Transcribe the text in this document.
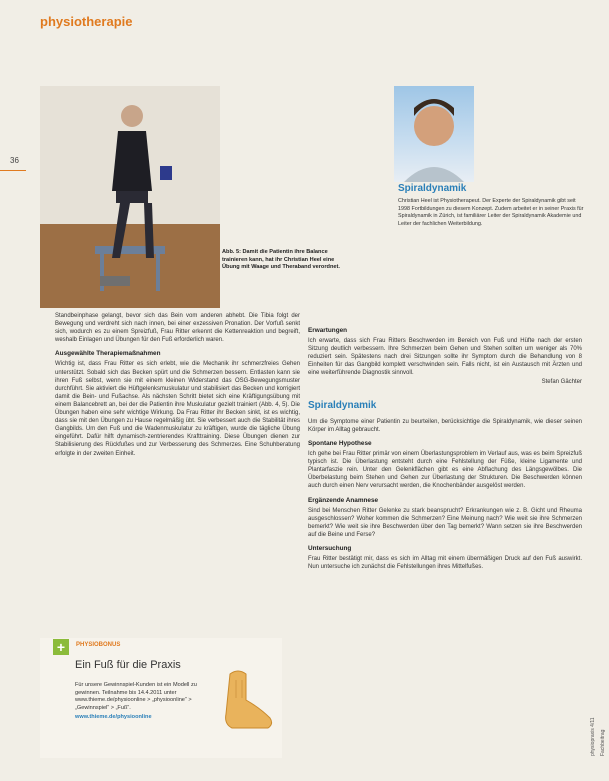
physiotherapie
36
Abb. 5: Damit die Patientin ihre Balance trainieren kann, hat ihr Christian Heel eine Übung mit Waage und Theraband verordnet.
Spiraldynamik

Christian Heel ist Physiotherapeut. Der Experte der Spiraldynamik gibt seit 1998 Fortbildungen zu diesem Konzept. Zudem arbeitet er in seiner Praxis für Spiraldynamik in Zürich, ist familiärer Leiter der Spiraldynamik Akademie und Leiter der fachlichen Weiterbildung.

Standbeinphase gelangt, bevor sich das Bein vom anderen abhebt. Die Tibia folgt der Bewegung und verdreht sich nach innen, bei einer exzessiven Pronation. Der Vorfuß senkt sich, wodurch es zu einem Spreizfuß, Frau Ritter erkennt die Kettenreaktion und begreift, weshalb Einlagen und Übungen für den Fuß erforderlich waren.

Ausgewählte Therapiemaßnahmen

Wichtig ist, dass Frau Ritter es sich erlebt, wie die Mechanik ihr schmerzfreies Gehen unterstützt. Sobald sich das Becken spürt und die Schmerzen bessern. Entlasten kann sie ihren Fuß selbst, wenn sie mit einem kleinen Widerstand das OSG-Bewegungsmuster durchführt. Sie aktiviert die Hüftgelenksmuskulatur und stabilisiert das Becken und korrigiert damit die Bein- und Fußachse. Als nächsten Schritt bietet sich eine Kräftigungsübung mit einem Balancebrett an, bei der die Patientin ihre Muskulatur gezielt trainiert (Abb. 4, 5). Die Übungen haben eine sehr wichtige Wirkung. Da Frau Ritter ihr Becken sinkt, ist es wichtig, dass sie mit den Übungen zu Hause regelmäßig übt. Sie verbessert auch die Stabilität ihres Gangbilds. Um den Fuß und die Wadenmuskulatur zu kräftigen, wurde die tägliche Übung eingeführt. Dafür hilft dynamisch-zentrierendes Krafttraining. Diese Übungen dienen zur Stabilisierung des Rückfußes und zur Verbesserung des Schmerzes. Eine Schuhberatung erfolgte in der zweiten Einheit.

Erwartungen

Ich erwarte, dass sich Frau Ritters Beschwerden im Bereich von Fuß und Hüfte nach der ersten Sitzung deutlich verbessern. Ihre Schmerzen beim Gehen und Stehen sollten um weniger als 70% reduziert sein. Spätestens nach drei Sitzungen sollte ihr Symptom durch die Behandlung von 8 Einheiten für das Gangbild komplett verschwinden sein. Falls nicht, ist ein Austausch mit Ärzten und eine weiterführende Diagnostik sinnvoll.

Stefan Gächter

Spiraldynamik

Um die Symptome einer Patientin zu beurteilen, berücksichtige die Spiraldynamik, wie dieser seinen Körper im Alltag gebraucht.

Spontane Hypothese

Ich gehe bei Frau Ritter primär von einem Überlastungsproblem im Verlauf aus, was es beim Spreizfuß typisch ist. Die Überlastung entsteht durch eine Fehlstellung der Füße, kleine Ligamente und Plantarfaszie rein. Unter den Gelenkflächen gibt es eine Abflachung des Längsgewölbes. Die Überbelastung beim Stehen und Gehen zur Überlastung der Strukturen. Die Beschwerden können auch durch einen Nerv verursacht werden, die Knochenbänder ausgelöst werden.

Ergänzende Anamnese

Sind bei Menschen Ritter Gelenke zu stark beansprucht? Erkrankungen wie z. B. Gicht und Rheuma ausgeschlossen? Woher kommen die Schmerzen? Eine Meinung nach? Wie weit sie ihre Schmerzen bemerkt? Wie weit sie ihre Beschwerden über den Tag bemerkt? Wann setzen sie ihre Beschwerden auf die Beine und Ferse?

Untersuchung

Frau Ritter bestätigt mir, dass es sich im Alltag mit einem übermäßigen Druck auf den Fuß auswirkt. Nun untersuche ich zunächst die Fehlstellungen ihres Mittelfußes.

+	PHYSIOBONUS
Ein Fuß für die Praxis
Für unsere Gewinnspiel-Kunden ist ein Modell zu gewinnen. Teilnahme bis 14.4.2011 unter www.thieme.de/physioonline > „physioonline“ > „Gewinnspiel“ > „Fuß“.
www.thieme.de/physioonline
physiopraxis 4/11 Fachbeitrag
